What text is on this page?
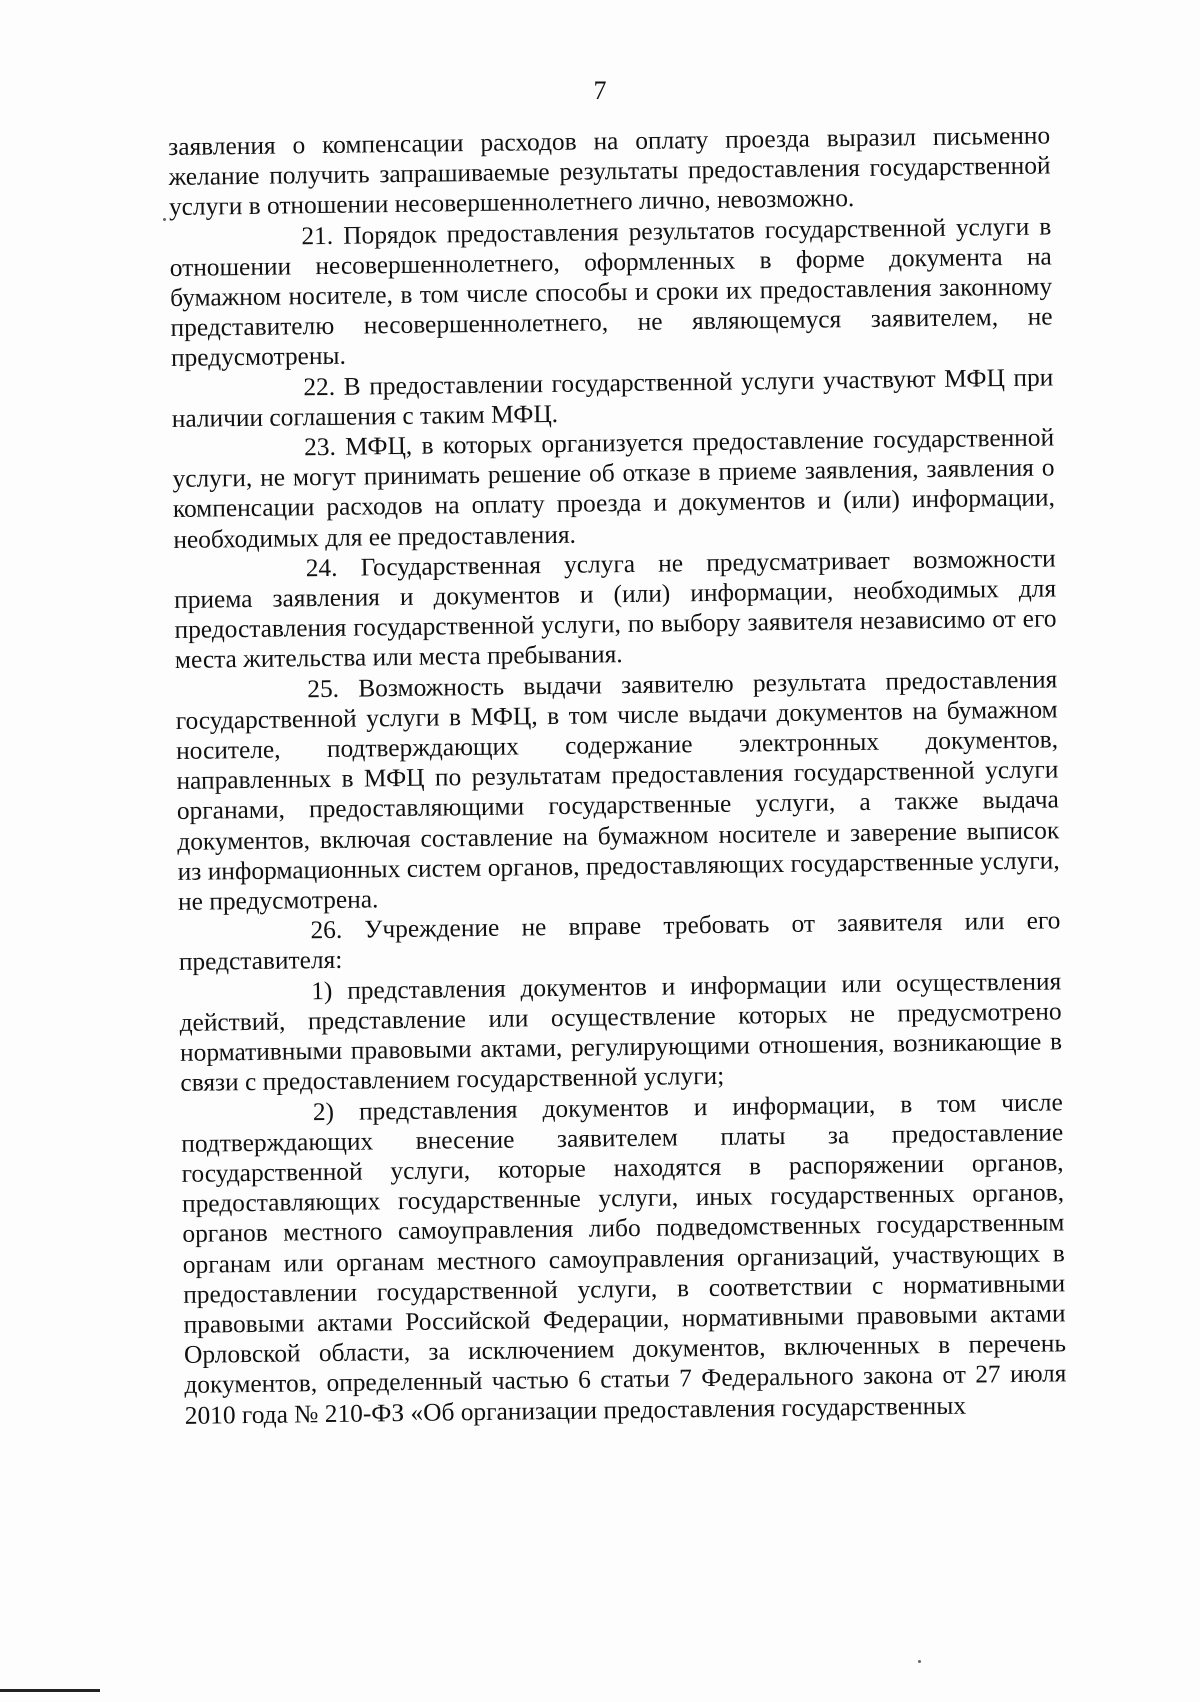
7

заявления о компенсации расходов на оплату проезда выразил письменно желание получить запрашиваемые результаты предоставления государственной услуги в отношении несовершеннолетнего лично, невозможно.

21. Порядок предоставления результатов государственной услуги в отношении несовершеннолетнего, оформленных в форме документа на бумажном носителе, в том числе способы и сроки их предоставления законному представителю несовершеннолетнего, не являющемуся заявителем, не предусмотрены.

22. В предоставлении государственной услуги участвуют МФЦ при наличии соглашения с таким МФЦ.

23. МФЦ, в которых организуется предоставление государственной услуги, не могут принимать решение об отказе в приеме заявления, заявления о компенсации расходов на оплату проезда и документов и (или) информации, необходимых для ее предоставления.

24. Государственная услуга не предусматривает возможности приема заявления и документов и (или) информации, необходимых для предоставления государственной услуги, по выбору заявителя независимо от его места жительства или места пребывания.

25. Возможность выдачи заявителю результата предоставления государственной услуги в МФЦ, в том числе выдачи документов на бумажном носителе, подтверждающих содержание электронных документов, направленных в МФЦ по результатам предоставления государственной услуги органами, предоставляющими государственные услуги, а также выдача документов, включая составление на бумажном носителе и заверение выписок из информационных систем органов, предоставляющих государственные услуги, не предусмотрена.

26. Учреждение не вправе требовать от заявителя или его представителя:

1) представления документов и информации или осуществления действий, представление или осуществление которых не предусмотрено нормативными правовыми актами, регулирующими отношения, возникающие в связи с предоставлением государственной услуги;

2) представления документов и информации, в том числе подтверждающих внесение заявителем платы за предоставление государственной услуги, которые находятся в распоряжении органов, предоставляющих государственные услуги, иных государственных органов, органов местного самоуправления либо подведомственных государственным органам или органам местного самоуправления организаций, участвующих в предоставлении государственной услуги, в соответствии с нормативными правовыми актами Российской Федерации, нормативными правовыми актами Орловской области, за исключением документов, включенных в перечень документов, определенный частью 6 статьи 7 Федерального закона от 27 июля 2010 года № 210-ФЗ «Об организации предоставления государственных
